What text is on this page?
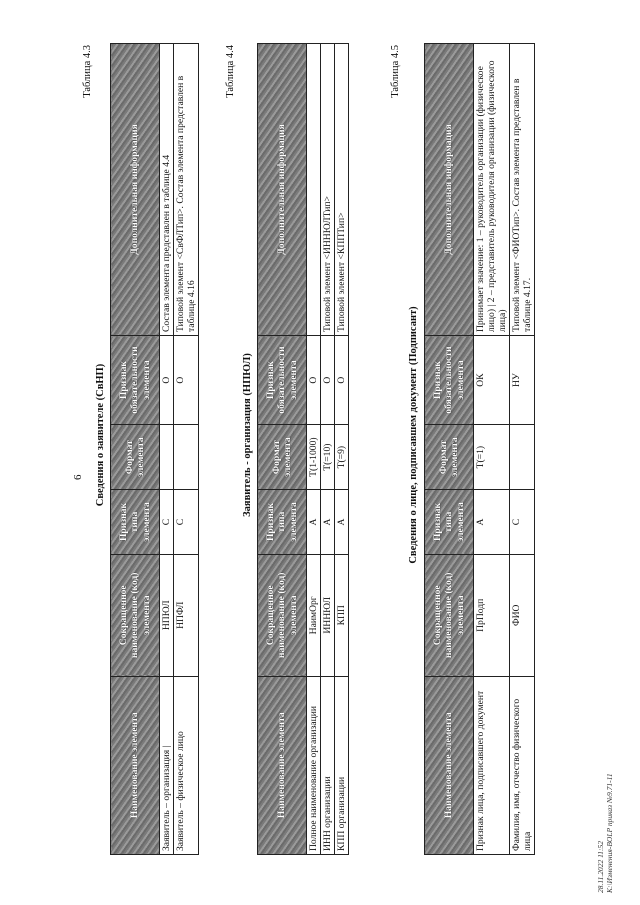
6
Таблица 4.3
Сведения о заявителе (СвНП)
Наименование элемента	Сокращенное наименование (код) элемента	Признак типа элемента	Формат элемента	Признак обязательности элемента	Дополнительная информация
Заявитель – организация |	НПЮЛ	С		О	Состав элемента представлен в таблице 4.4
Заявитель – физическое лицо	НПФЛ	С		О	Типовой элемент <СвФЛТип>. Состав элемента представлен в таблице 4.16
Таблица 4.4
Заявитель - организация (НПЮЛ)
Наименование элемента	Сокращенное наименование (код) элемента	Признак типа элемента	Формат элемента	Признак обязательности элемента	Дополнительная информация
Полное наименование организации	НаимОрг	А	Т(1-1000)	О	
ИНН организации	ИННЮЛ	А	Т(=10)	О	Типовой элемент <ИННЮЛТип>
КПП организации	КПП	А	Т(=9)	О	Типовой элемент <КППТип>
Таблица 4.5
Сведения о лице, подписавшем документ (Подписант)
Наименование элемента	Сокращенное наименование (код) элемента	Признак типа элемента	Формат элемента	Признак обязательности элемента	Дополнительная информация
Признак лица, подписавшего документ	ПрПодп	А	Т(=1)	ОК	Принимает значение: 1 – руководитель организации (физическое лицо) | 2 – представитель руководителя организации (физического лица)
Фамилия, имя, отчество физического лица	ФИО	С		НУ	Типовой элемент <ФИОТип>. Состав элемента представлен в таблице 4.17.
28.11.2022 11:52 К:\Изменения-BOLP приказ №9.71-11
